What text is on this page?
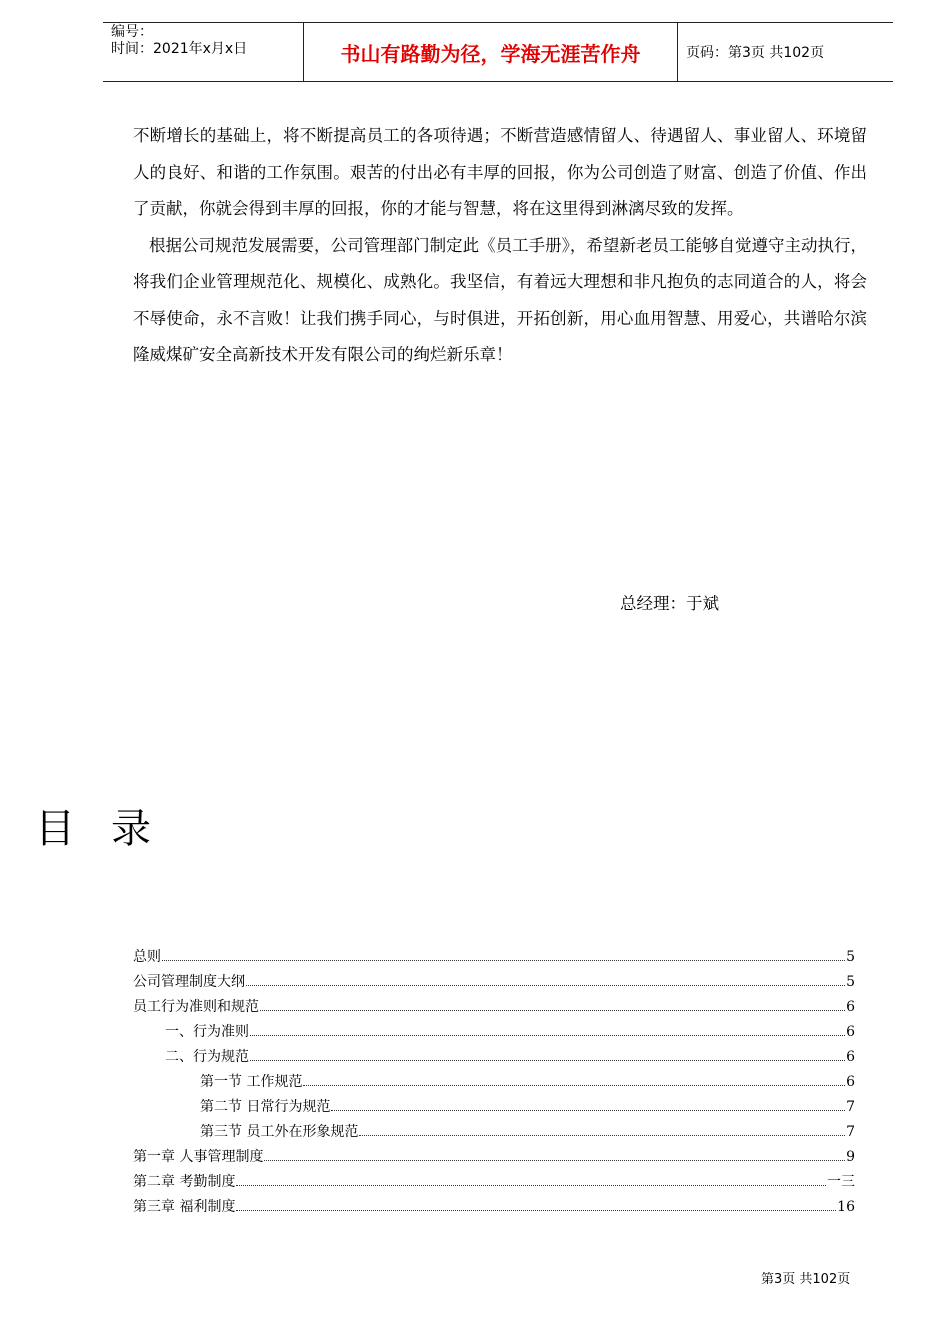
编号：
时间：2021年x月x日	书山有路勤为径，学海无涯苦作舟	页码：第3页 共102页

不断增长的基础上，将不断提高员工的各项待遇；不断营造感情留人、待遇留人、事业留人、环境留人的良好、和谐的工作氛围。艰苦的付出必有丰厚的回报，你为公司创造了财富、创造了价值、作出了贡献，你就会得到丰厚的回报，你的才能与智慧，将在这里得到淋漓尽致的发挥。

根据公司规范发展需要，公司管理部门制定此《员工手册》，希望新老员工能够自觉遵守主动执行，将我们企业管理规范化、规模化、成熟化。我坚信，有着远大理想和非凡抱负的志同道合的人，将会不辱使命，永不言败！让我们携手同心，与时俱进，开拓创新，用心血用智慧、用爱心，共谱哈尔滨隆威煤矿安全高新技术开发有限公司的绚烂新乐章！

总经理：于斌
目录
总则	5
公司管理制度大纲	5
员工行为准则和规范	6
一、行为准则	6
二、行为规范	6
第一节 工作规范	6
第二节 日常行为规范	7
第三节 员工外在形象规范	7
第一章 人事管理制度	9
第二章 考勤制度	一三
第三章 福利制度	16
第3页 共102页
